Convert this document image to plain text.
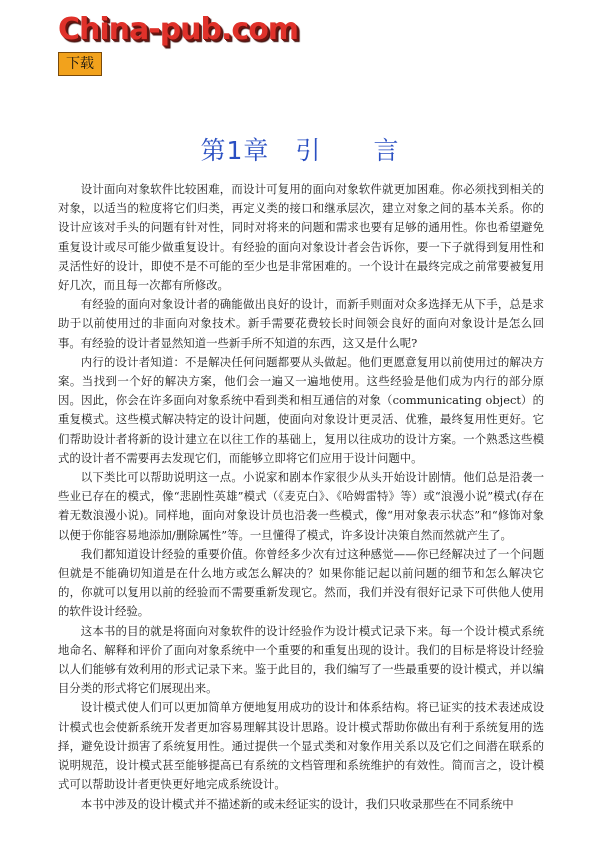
China-pub.com
下载
第1章　引　　言

设计面向对象软件比较困难，而设计可复用的面向对象软件就更加困难。你必须找到相关的对象，以适当的粒度将它们归类，再定义类的接口和继承层次，建立对象之间的基本关系。你的设计应该对手头的问题有针对性，同时对将来的问题和需求也要有足够的通用性。你也希望避免重复设计或尽可能少做重复设计。有经验的面向对象设计者会告诉你，要一下子就得到复用性和灵活性好的设计，即使不是不可能的至少也是非常困难的。一个设计在最终完成之前常要被复用好几次，而且每一次都有所修改。

有经验的面向对象设计者的确能做出良好的设计，而新手则面对众多选择无从下手，总是求助于以前使用过的非面向对象技术。新手需要花费较长时间领会良好的面向对象设计是怎么回事。有经验的设计者显然知道一些新手所不知道的东西，这又是什么呢?

内行的设计者知道：不是解决任何问题都要从头做起。他们更愿意复用以前使用过的解决方案。当找到一个好的解决方案，他们会一遍又一遍地使用。这些经验是他们成为内行的部分原因。因此，你会在许多面向对象系统中看到类和相互通信的对象（communicating object）的重复模式。这些模式解决特定的设计问题，使面向对象设计更灵活、优雅，最终复用性更好。它们帮助设计者将新的设计建立在以往工作的基础上，复用以往成功的设计方案。一个熟悉这些模式的设计者不需要再去发现它们，而能够立即将它们应用于设计问题中。

以下类比可以帮助说明这一点。小说家和剧本作家很少从头开始设计剧情。他们总是沿袭一些业已存在的模式，像“悲剧性英雄”模式（《麦克白》、《哈姆雷特》等）或“浪漫小说”模式(存在着无数浪漫小说)。同样地，面向对象设计员也沿袭一些模式，像“用对象表示状态”和“修饰对象以便于你能容易地添加/删除属性”等。一旦懂得了模式，许多设计决策自然而然就产生了。

我们都知道设计经验的重要价值。你曾经多少次有过这种感觉——你已经解决过了一个问题但就是不能确切知道是在什么地方或怎么解决的？如果你能记起以前问题的细节和怎么解决它的，你就可以复用以前的经验而不需要重新发现它。然而，我们并没有很好记录下可供他人使用的软件设计经验。

这本书的目的就是将面向对象软件的设计经验作为设计模式记录下来。每一个设计模式系统地命名、解释和评价了面向对象系统中一个重要的和重复出现的设计。我们的目标是将设计经验以人们能够有效利用的形式记录下来。鉴于此目的，我们编写了一些最重要的设计模式，并以编目分类的形式将它们展现出来。

设计模式使人们可以更加简单方便地复用成功的设计和体系结构。将已证实的技术表述成设计模式也会使新系统开发者更加容易理解其设计思路。设计模式帮助你做出有利于系统复用的选择，避免设计损害了系统复用性。通过提供一个显式类和对象作用关系以及它们之间潜在联系的说明规范，设计模式甚至能够提高已有系统的文档管理和系统维护的有效性。简而言之，设计模式可以帮助设计者更快更好地完成系统设计。

本书中涉及的设计模式并不描述新的或未经证实的设计，我们只收录那些在不同系统中
